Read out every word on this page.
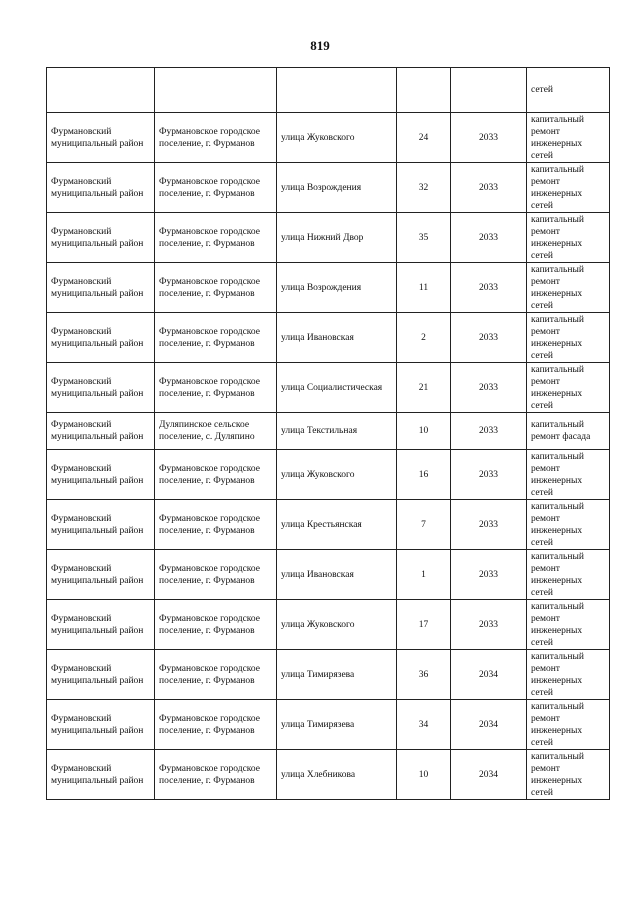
819
					сетей
Фурмановский муниципальный район	Фурмановское городское поселение, г. Фурманов	улица Жуковского	24	2033	капитальный ремонт инженерных сетей
Фурмановский муниципальный район	Фурмановское городское поселение, г. Фурманов	улица Возрождения	32	2033	капитальный ремонт инженерных сетей
Фурмановский муниципальный район	Фурмановское городское поселение, г. Фурманов	улица Нижний Двор	35	2033	капитальный ремонт инженерных сетей
Фурмановский муниципальный район	Фурмановское городское поселение, г. Фурманов	улица Возрождения	11	2033	капитальный ремонт инженерных сетей
Фурмановский муниципальный район	Фурмановское городское поселение, г. Фурманов	улица Ивановская	2	2033	капитальный ремонт инженерных сетей
Фурмановский муниципальный район	Фурмановское городское поселение, г. Фурманов	улица Социалистическая	21	2033	капитальный ремонт инженерных сетей
Фурмановский муниципальный район	Дуляпинское сельское поселение, с. Дуляпино	улица Текстильная	10	2033	капитальный ремонт фасада
Фурмановский муниципальный район	Фурмановское городское поселение, г. Фурманов	улица Жуковского	16	2033	капитальный ремонт инженерных сетей
Фурмановский муниципальный район	Фурмановское городское поселение, г. Фурманов	улица Крестьянская	7	2033	капитальный ремонт инженерных сетей
Фурмановский муниципальный район	Фурмановское городское поселение, г. Фурманов	улица Ивановская	1	2033	капитальный ремонт инженерных сетей
Фурмановский муниципальный район	Фурмановское городское поселение, г. Фурманов	улица Жуковского	17	2033	капитальный ремонт инженерных сетей
Фурмановский муниципальный район	Фурмановское городское поселение, г. Фурманов	улица Тимирязева	36	2034	капитальный ремонт инженерных сетей
Фурмановский муниципальный район	Фурмановское городское поселение, г. Фурманов	улица Тимирязева	34	2034	капитальный ремонт инженерных сетей
Фурмановский муниципальный район	Фурмановское городское поселение, г. Фурманов	улица Хлебникова	10	2034	капитальный ремонт инженерных сетей
